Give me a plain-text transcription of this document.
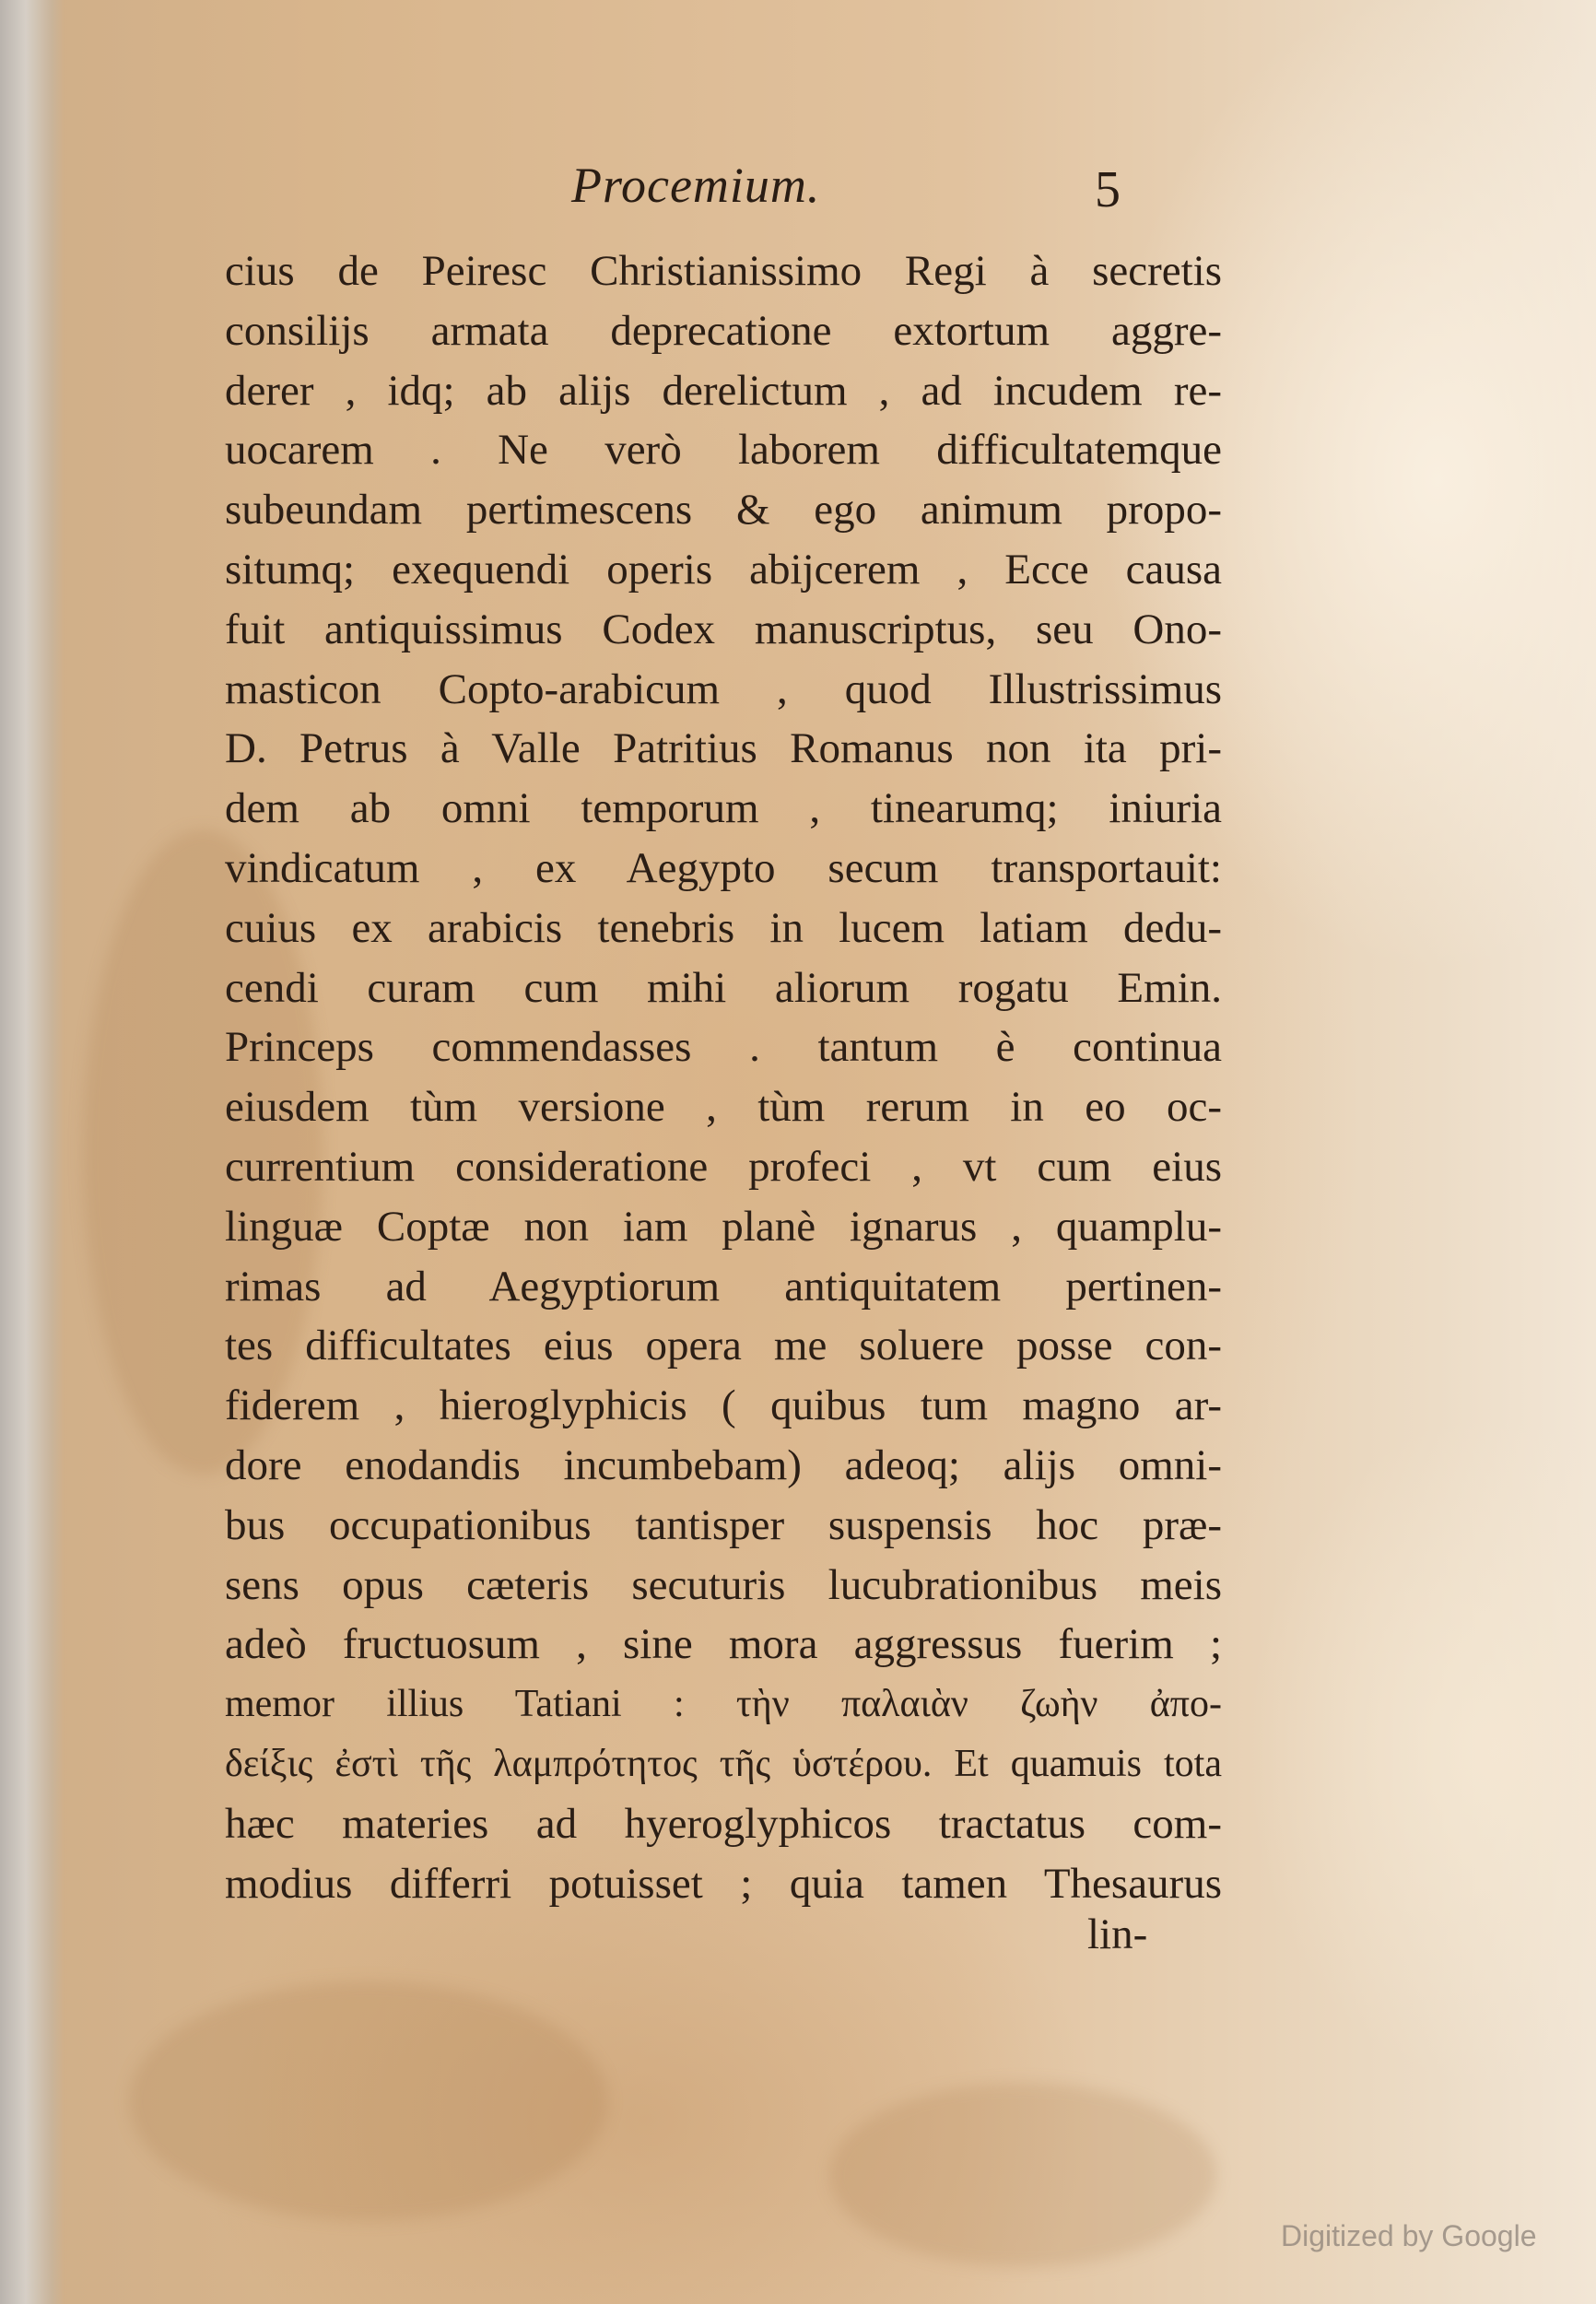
Procemium.	5
cius de Peiresc Christianissimo Regi à secretis
consilijs armata deprecatione extortum aggre-
derer , idq; ab alijs derelictum , ad incudem re-
uocarem . Ne verò laborem difficultatemque
subeundam pertimescens & ego animum propo-
situmq; exequendi operis abijcerem , Ecce causa
fuit antiquissimus Codex manuscriptus, seu Ono-
masticon Copto-arabicum , quod Illustrissimus
D. Petrus à Valle Patritius Romanus non ita pri-
dem ab omni temporum , tinearumq; iniuria
vindicatum , ex Aegypto secum transportauit:
cuius ex arabicis tenebris in lucem latiam dedu-
cendi curam cum mihi aliorum rogatu Emin.
Princeps commendasses . tantum è continua
eiusdem tùm versione , tùm rerum in eo oc-
currentium consideratione profeci , vt cum eius
linguæ Coptæ non iam planè ignarus , quamplu-
rimas ad Aegyptiorum antiquitatem pertinen-
tes difficultates eius opera me soluere posse con-
fiderem , hieroglyphicis ( quibus tum magno ar-
dore enodandis incumbebam) adeoq; alijs omni-
bus occupationibus tantisper suspensis hoc præ-
sens opus cæteris secuturis lucubrationibus meis
adeò fructuosum , sine mora aggressus fuerim ;
memor illius Tatiani : τὴν παλαιὰν ζωὴν ἀπο-
δείξις ἐστὶ τῆς λαμπρότητος τῆς ὑστέρου. Et quamuis tota
hæc materies ad hyeroglyphicos tractatus com-
modius differri potuisset ; quia tamen Thesaurus
lin-
Digitized by Google
